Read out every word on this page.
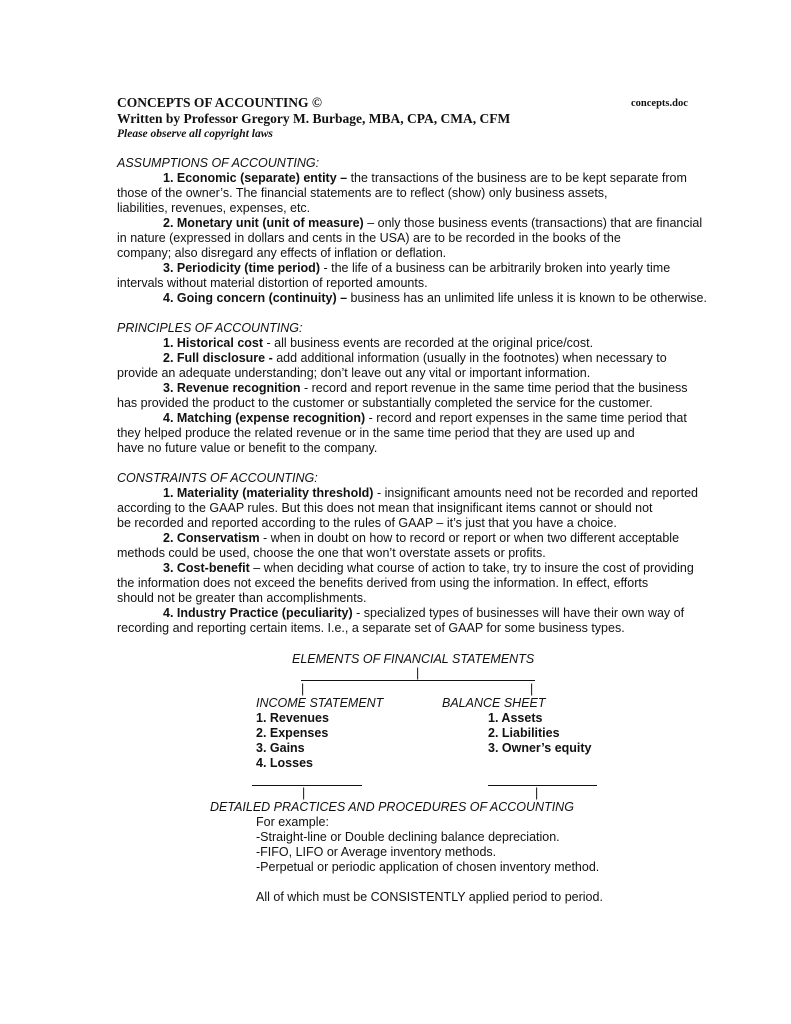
CONCEPTS OF ACCOUNTING ©	concepts.doc
Written by Professor Gregory M. Burbage, MBA, CPA, CMA, CFM
Please observe all copyright laws
ASSUMPTIONS OF ACCOUNTING:
1. Economic (separate) entity – the transactions of the business are to be kept separate from
those of the owner’s. The financial statements are to reflect (show) only business assets,
liabilities, revenues, expenses, etc.
2. Monetary unit (unit of measure) – only those business events (transactions) that are financial
in nature (expressed in dollars and cents in the USA) are to be recorded in the books of the
company; also disregard any effects of inflation or deflation.
3. Periodicity (time period) - the life of a business can be arbitrarily broken into yearly time
intervals without material distortion of reported amounts.
4. Going concern (continuity) – business has an unlimited life unless it is known to be otherwise.
PRINCIPLES OF ACCOUNTING:
1. Historical cost - all business events are recorded at the original price/cost.
2. Full disclosure - add additional information (usually in the footnotes) when necessary to
provide an adequate understanding; don’t leave out any vital or important information.
3. Revenue recognition - record and report revenue in the same time period that the business
has provided the product to the customer or substantially completed the service for the customer.
4. Matching (expense recognition) - record and report expenses in the same time period that
they helped produce the related revenue or in the same time period that they are used up and
have no future value or benefit to the company.
CONSTRAINTS OF ACCOUNTING:
1. Materiality (materiality threshold) - insignificant amounts need not be recorded and reported
according to the GAAP rules. But this does not mean that insignificant items cannot or should not
be recorded and reported according to the rules of GAAP – it’s just that you have a choice.
2. Conservatism - when in doubt on how to record or report or when two different acceptable
methods could be used, choose the one that won’t overstate assets or profits.
3. Cost-benefit – when deciding what course of action to take, try to insure the cost of providing
the information does not exceed the benefits derived from using the information. In effect, efforts
should not be greater than accomplishments.
4. Industry Practice (peculiarity) - specialized types of businesses will have their own way of
recording and reporting certain items. I.e., a separate set of GAAP for some business types.
ELEMENTS OF FINANCIAL STATEMENTS
|
|	|
INCOME STATEMENT
1. Revenues
2. Expenses
3. Gains
4. Losses
BALANCE SHEET
1. Assets
2. Liabilities
3. Owner’s equity
|	|
DETAILED PRACTICES AND PROCEDURES OF ACCOUNTING
For example:
-Straight-line or Double declining balance depreciation.
-FIFO, LIFO or Average inventory methods.
-Perpetual or periodic application of chosen inventory method.
All of which must be CONSISTENTLY applied period to period.
